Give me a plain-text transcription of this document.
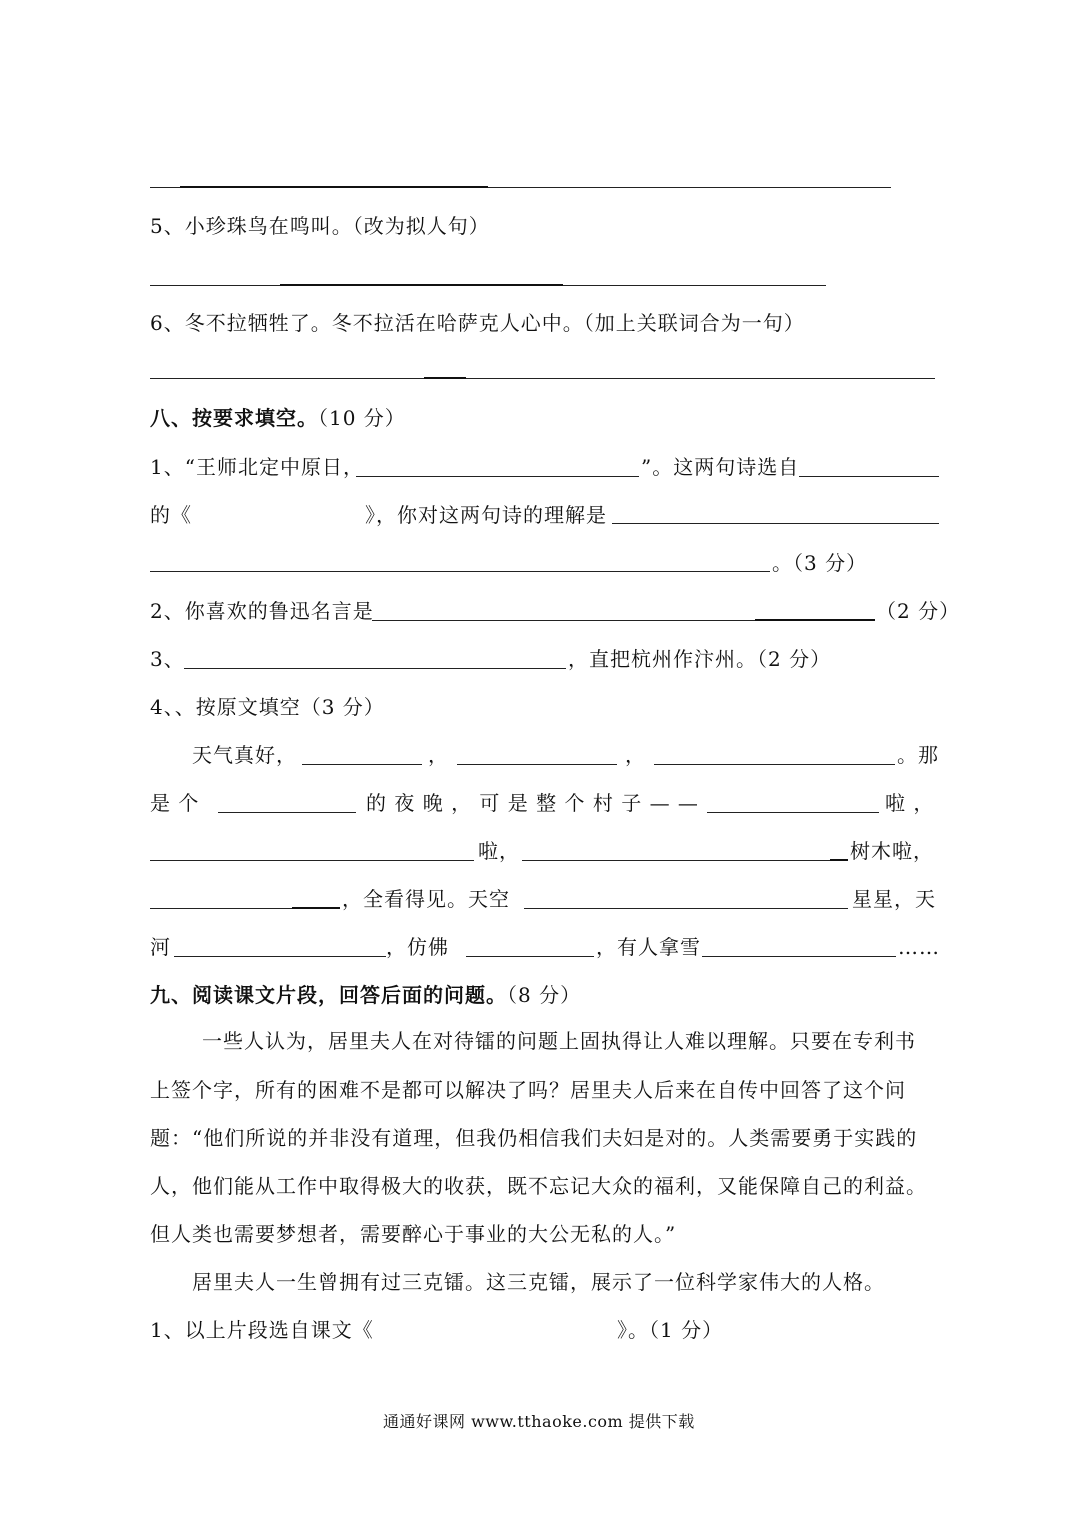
5、小珍珠鸟在鸣叫。（改为拟人句）
6、冬不拉牺牲了。冬不拉活在哈萨克人心中。（加上关联词合为一句）
八、按要求填空。（10 分）
1、“王师北定中原日，	”。这两句诗选自
的《	》，你对这两句诗的理解是
。（3 分）
2、你喜欢的鲁迅名言是	（2 分）
3、	，直把杭州作汴州。（2 分）
4、、按原文填空（3 分）
天气真好，	，	，	。那
是 个	的 夜 晚 ， 可 是 整 个 村 子 — —	啦 ，
啦，	树木啦，
，全看得见。天空	星星，天
河	，仿佛	，有人拿雪	……
九、阅读课文片段，回答后面的问题。（8 分）
一些人认为，居里夫人在对待镭的问题上固执得让人难以理解。只要在专利书
上签个字，所有的困难不是都可以解决了吗？居里夫人后来在自传中回答了这个问
题：“他们所说的并非没有道理，但我仍相信我们夫妇是对的。人类需要勇于实践的
人，他们能从工作中取得极大的收获，既不忘记大众的福利，又能保障自己的利益。
但人类也需要梦想者，需要醉心于事业的大公无私的人。”
居里夫人一生曾拥有过三克镭。这三克镭，展示了一位科学家伟大的人格。
1、以上片段选自课文《	》。（1 分）
通通好课网 www.tthaoke.com 提供下载
